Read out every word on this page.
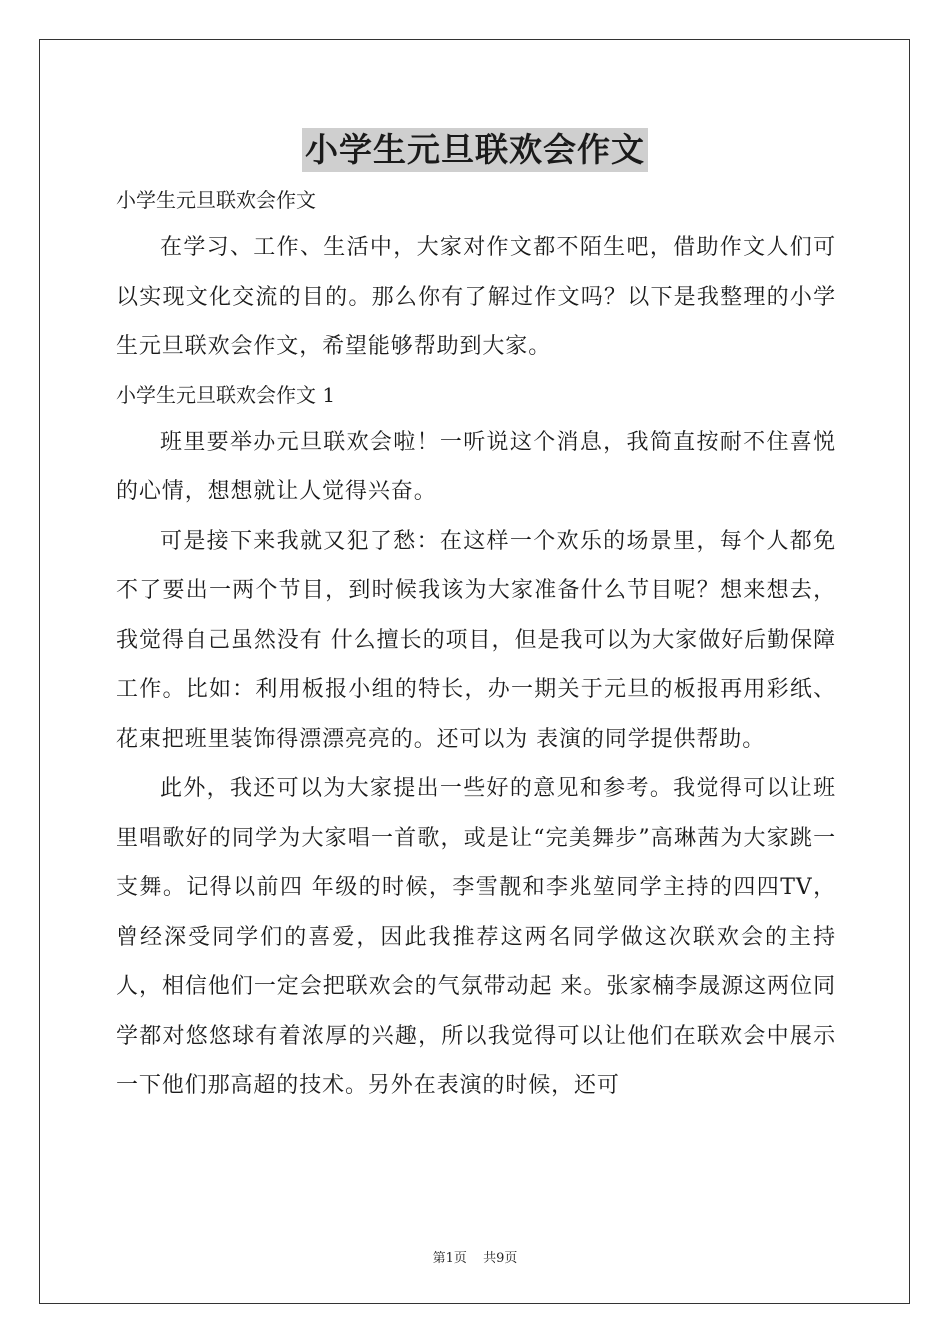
小学生元旦联欢会作文

小学生元旦联欢会作文

在学习、工作、生活中，大家对作文都不陌生吧，借助作文人们可以实现文化交流的目的。那么你有了解过作文吗？以下是我整理的小学生元旦联欢会作文，希望能够帮助到大家。

小学生元旦联欢会作文 1

班里要举办元旦联欢会啦！一听说这个消息，我简直按耐不住喜悦的心情，想想就让人觉得兴奋。

可是接下来我就又犯了愁：在这样一个欢乐的场景里，每个人都免不了要出一两个节目，到时候我该为大家准备什么节目呢？想来想去，我觉得自己虽然没有 什么擅长的项目，但是我可以为大家做好后勤保障工作。比如：利用板报小组的特长，办一期关于元旦的板报再用彩纸、花束把班里装饰得漂漂亮亮的。还可以为 表演的同学提供帮助。

此外，我还可以为大家提出一些好的意见和参考。我觉得可以让班里唱歌好的同学为大家唱一首歌，或是让“完美舞步”高琳茜为大家跳一支舞。记得以前四 年级的时候，李雪靓和李兆堃同学主持的四四TV，曾经深受同学们的喜爱，因此我推荐这两名同学做这次联欢会的主持人，相信他们一定会把联欢会的气氛带动起 来。张家楠李晟源这两位同学都对悠悠球有着浓厚的兴趣，所以我觉得可以让他们在联欢会中展示一下他们那高超的技术。另外在表演的时候，还可

第1页 共9页
